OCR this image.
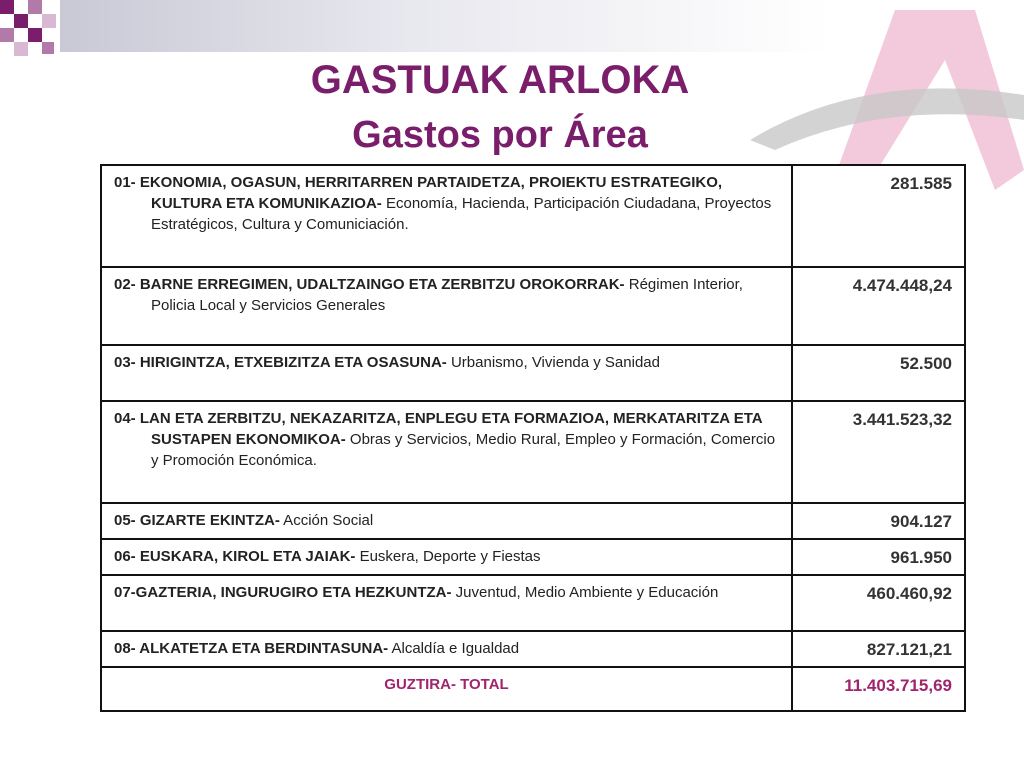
GASTUAK ARLOKA
Gastos por Área
01- EKONOMIA, OGASUN, HERRITARREN PARTAIDETZA, PROIEKTU ESTRATEGIKO, KULTURA ETA KOMUNIKAZIOA- Economía, Hacienda, Participación Ciudadana, Proyectos Estratégicos, Cultura y Comuniciación.	281.585

02- BARNE ERREGIMEN, UDALTZAINGO ETA ZERBITZU OROKORRAK- Régimen Interior, Policia Local y Servicios Generales	4.474.448,24

03- HIRIGINTZA, ETXEBIZITZA ETA OSASUNA- Urbanismo, Vivienda y Sanidad	52.500

04- LAN ETA ZERBITZU, NEKAZARITZA, ENPLEGU ETA FORMAZIOA, MERKATARITZA ETA SUSTAPEN EKONOMIKOA- Obras y Servicios, Medio Rural, Empleo y Formación, Comercio y Promoción Económica.	3.441.523,32

05- GIZARTE EKINTZA- Acción Social	904.127

06- EUSKARA, KIROL ETA JAIAK- Euskera, Deporte y Fiestas	961.950

07-GAZTERIA, INGURUGIRO ETA HEZKUNTZA- Juventud, Medio Ambiente y Educación	460.460,92

08- ALKATETZA ETA BERDINTASUNA- Alcaldía e Igualdad	827.121,21

GUZTIRA- TOTAL	11.403.715,69
